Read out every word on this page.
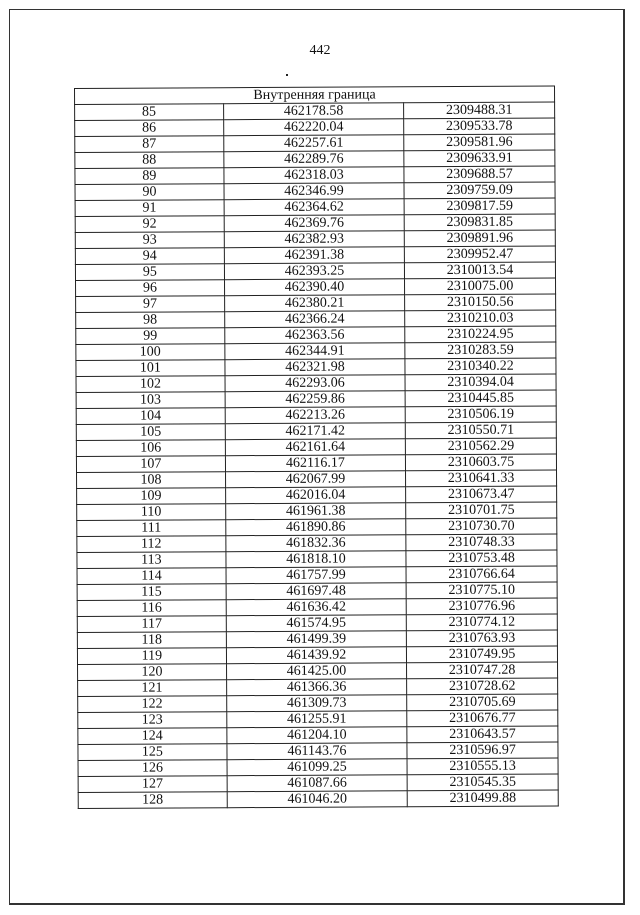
442
Внутренняя граница		
85	462178.58	2309488.31
86	462220.04	2309533.78
87	462257.61	2309581.96
88	462289.76	2309633.91
89	462318.03	2309688.57
90	462346.99	2309759.09
91	462364.62	2309817.59
92	462369.76	2309831.85
93	462382.93	2309891.96
94	462391.38	2309952.47
95	462393.25	2310013.54
96	462390.40	2310075.00
97	462380.21	2310150.56
98	462366.24	2310210.03
99	462363.56	2310224.95
100	462344.91	2310283.59
101	462321.98	2310340.22
102	462293.06	2310394.04
103	462259.86	2310445.85
104	462213.26	2310506.19
105	462171.42	2310550.71
106	462161.64	2310562.29
107	462116.17	2310603.75
108	462067.99	2310641.33
109	462016.04	2310673.47
110	461961.38	2310701.75
111	461890.86	2310730.70
112	461832.36	2310748.33
113	461818.10	2310753.48
114	461757.99	2310766.64
115	461697.48	2310775.10
116	461636.42	2310776.96
117	461574.95	2310774.12
118	461499.39	2310763.93
119	461439.92	2310749.95
120	461425.00	2310747.28
121	461366.36	2310728.62
122	461309.73	2310705.69
123	461255.91	2310676.77
124	461204.10	2310643.57
125	461143.76	2310596.97
126	461099.25	2310555.13
127	461087.66	2310545.35
128	461046.20	2310499.88
